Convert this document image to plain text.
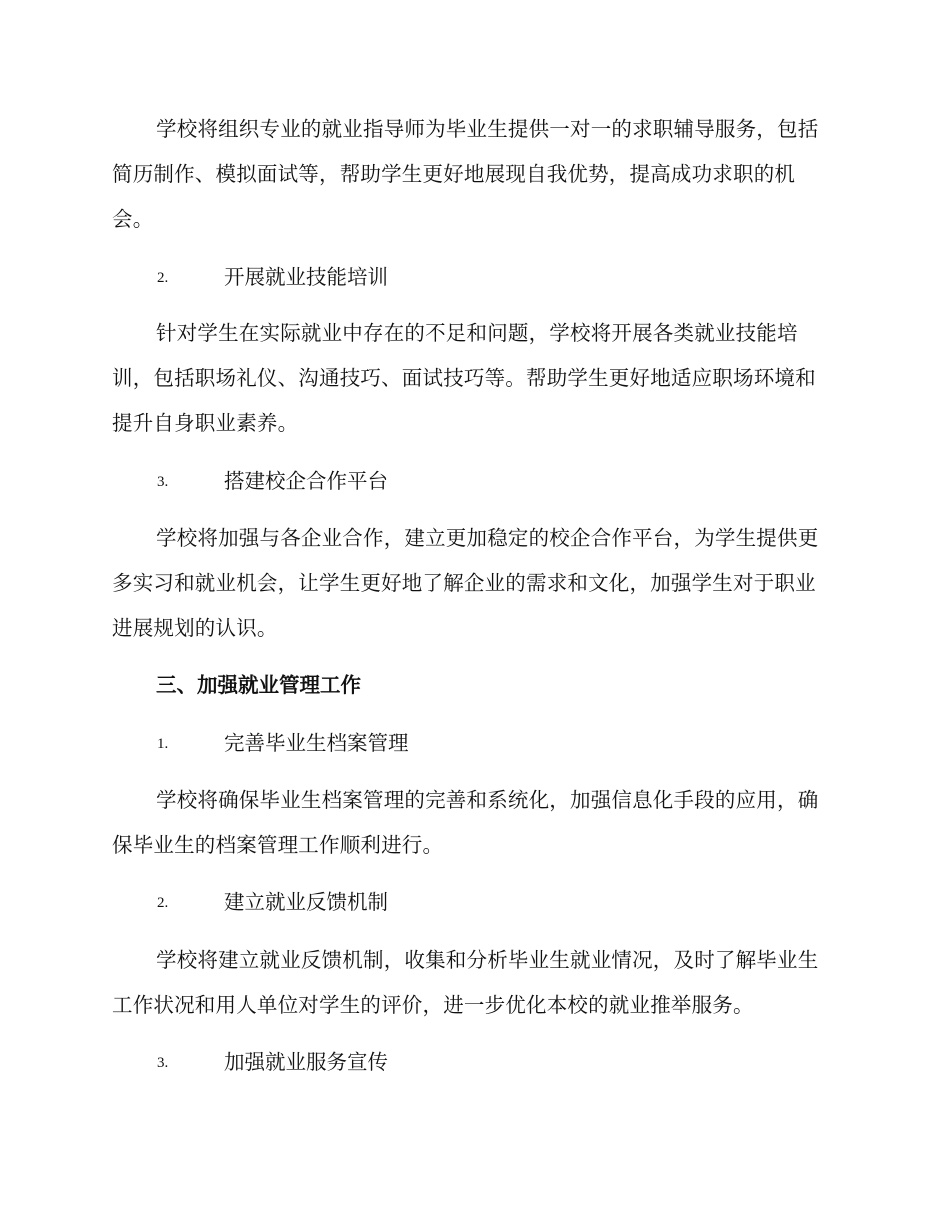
学校将组织专业的就业指导师为毕业生提供一对一的求职辅导服务，包括简历制作、模拟面试等，帮助学生更好地展现自我优势，提高成功求职的机会。

2.	开展就业技能培训

针对学生在实际就业中存在的不足和问题，学校将开展各类就业技能培训，包括职场礼仪、沟通技巧、面试技巧等。帮助学生更好地适应职场环境和提升自身职业素养。

3.	搭建校企合作平台

学校将加强与各企业合作，建立更加稳定的校企合作平台，为学生提供更多实习和就业机会，让学生更好地了解企业的需求和文化，加强学生对于职业进展规划的认识。

三、加强就业管理工作
1.	完善毕业生档案管理

学校将确保毕业生档案管理的完善和系统化，加强信息化手段的应用，确保毕业生的档案管理工作顺利进行。

2.	建立就业反馈机制

学校将建立就业反馈机制，收集和分析毕业生就业情况，及时了解毕业生工作状况和用人单位对学生的评价，进一步优化本校的就业推举服务。

3.	加强就业服务宣传
